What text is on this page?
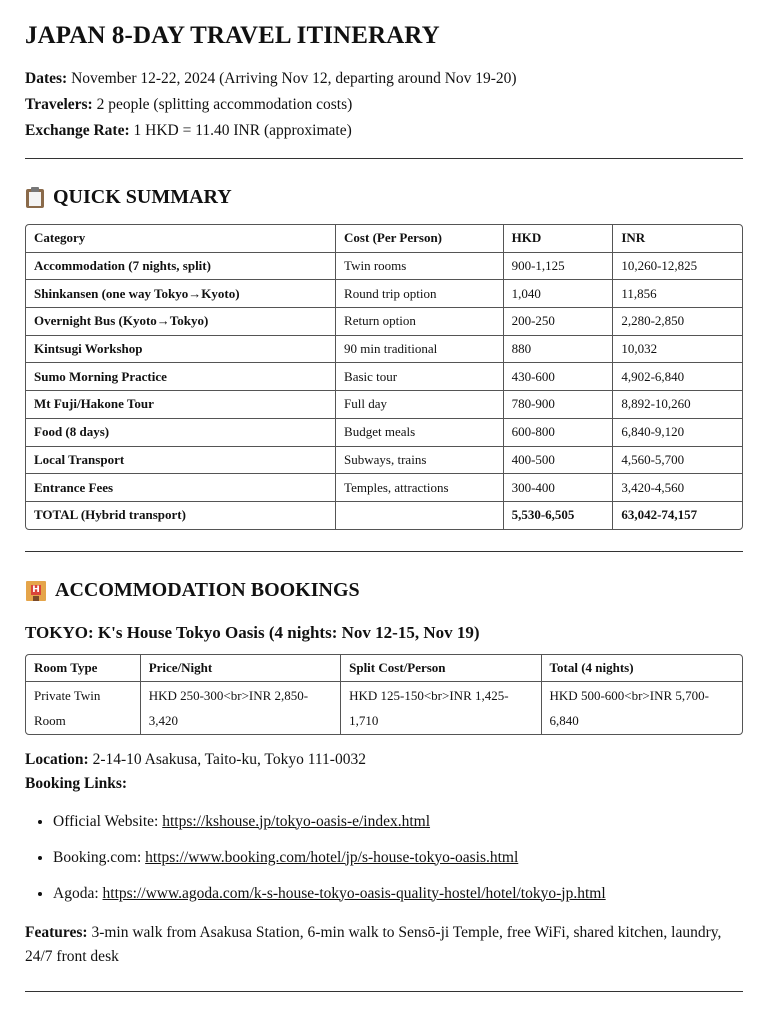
JAPAN 8-DAY TRAVEL ITINERARY
Dates: November 12-22, 2024 (Arriving Nov 12, departing around Nov 19-20)
Travelers: 2 people (splitting accommodation costs)
Exchange Rate: 1 HKD = 11.40 INR (approximate)
QUICK SUMMARY
Category	Cost (Per Person)	HKD	INR
Accommodation (7 nights, split)	Twin rooms	900-1,125	10,260-12,825
Shinkansen (one way Tokyo→Kyoto)	Round trip option	1,040	11,856
Overnight Bus (Kyoto→Tokyo)	Return option	200-250	2,280-2,850
Kintsugi Workshop	90 min traditional	880	10,032
Sumo Morning Practice	Basic tour	430-600	4,902-6,840
Mt Fuji/Hakone Tour	Full day	780-900	8,892-10,260
Food (8 days)	Budget meals	600-800	6,840-9,120
Local Transport	Subways, trains	400-500	4,560-5,700
Entrance Fees	Temples, attractions	300-400	3,420-4,560
TOTAL (Hybrid transport)		5,530-6,505	63,042-74,157
H ACCOMMODATION BOOKINGS
TOKYO: K's House Tokyo Oasis (4 nights: Nov 12-15, Nov 19)
Room Type	Price/Night	Split Cost/Person	Total (4 nights)
Private Twin Room	HKD 250-300<br>INR 2,850-3,420	HKD 125-150<br>INR 1,425-1,710	HKD 500-600<br>INR 5,700-6,840
Location: 2-14-10 Asakusa, Taito-ku, Tokyo 111-0032
Booking Links:
• Official Website: https://kshouse.jp/tokyo-oasis-e/index.html
• Booking.com: https://www.booking.com/hotel/jp/s-house-tokyo-oasis.html
• Agoda: https://www.agoda.com/k-s-house-tokyo-oasis-quality-hostel/hotel/tokyo-jp.html
Features: 3-min walk from Asakusa Station, 6-min walk to Sensō-ji Temple, free WiFi, shared kitchen, laundry, 24/7 front desk
